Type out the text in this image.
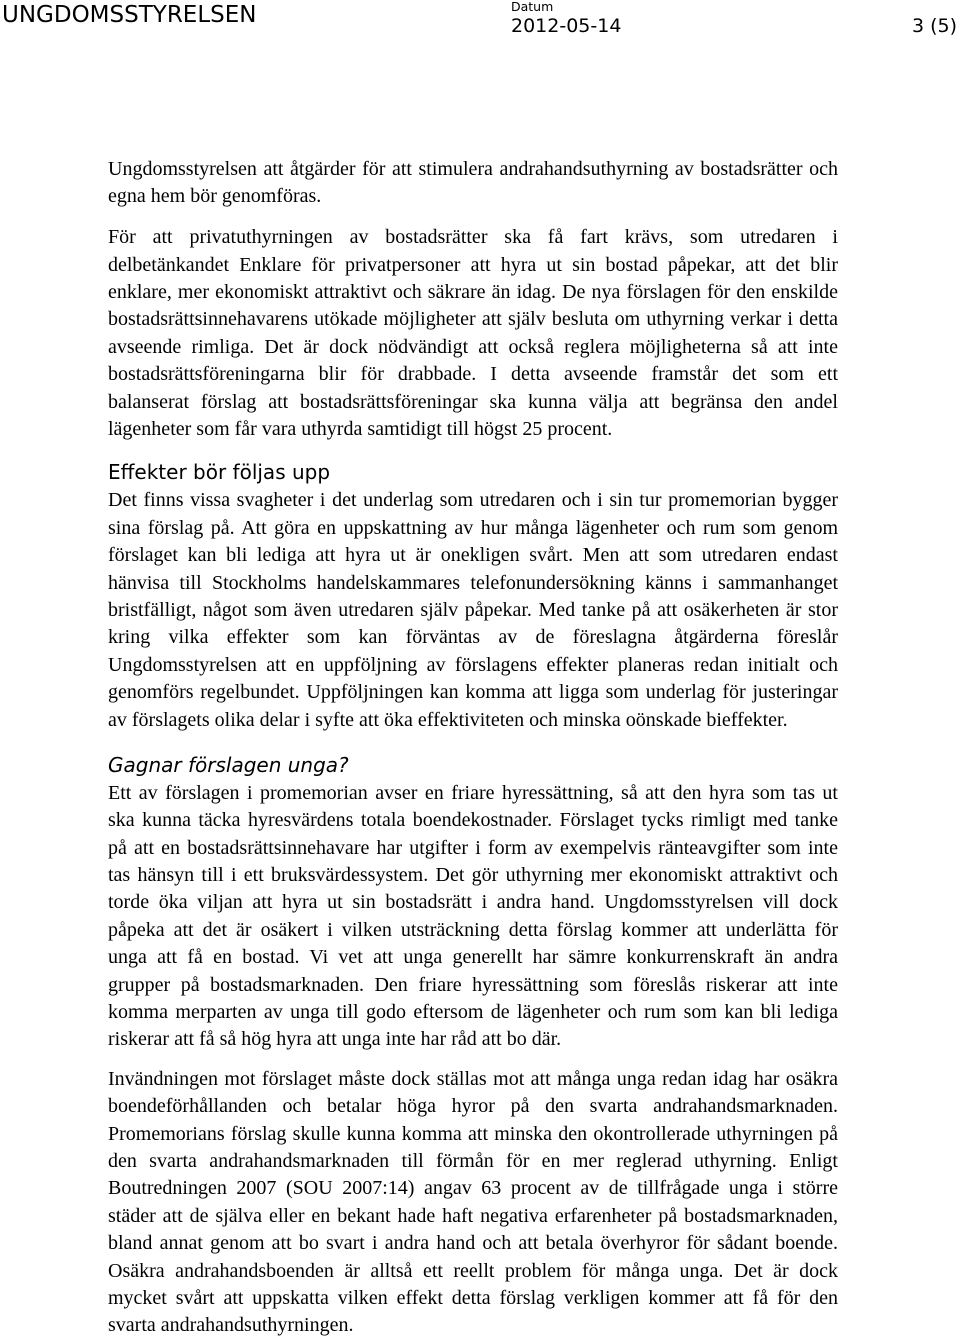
UNGDOMSSTYRELSEN	Datum
2012-05-14	3 (5)
Ungdomsstyrelsen att åtgärder för att stimulera andrahandsuthyrning av bostadsrätter och
egna hem bör genomföras.
För att privatuthyrningen av bostadsrätter ska få fart krävs, som utredaren i
delbetänkandet Enklare för privatpersoner att hyra ut sin bostad påpekar, att det blir
enklare, mer ekonomiskt attraktivt och säkrare än idag. De nya förslagen för den enskilde
bostadsrättsinnehavarens utökade möjligheter att själv besluta om uthyrning verkar i detta
avseende rimliga. Det är dock nödvändigt att också reglera möjligheterna så att inte
bostadsrättsföreningarna blir för drabbade. I detta avseende framstår det som ett
balanserat förslag att bostadsrättsföreningar ska kunna välja att begränsa den andel
lägenheter som får vara uthyrda samtidigt till högst 25 procent.
Effekter bör följas upp
Det finns vissa svagheter i det underlag som utredaren och i sin tur promemorian bygger
sina förslag på. Att göra en uppskattning av hur många lägenheter och rum som genom
förslaget kan bli lediga att hyra ut är onekligen svårt. Men att som utredaren endast
hänvisa till Stockholms handelskammares telefonundersökning känns i sammanhanget
bristfälligt, något som även utredaren själv påpekar. Med tanke på att osäkerheten är stor
kring vilka effekter som kan förväntas av de föreslagna åtgärderna föreslår
Ungdomsstyrelsen att en uppföljning av förslagens effekter planeras redan initialt och
genomförs regelbundet. Uppföljningen kan komma att ligga som underlag för justeringar
av förslagets olika delar i syfte att öka effektiviteten och minska oönskade bieffekter.
Gagnar förslagen unga?
Ett av förslagen i promemorian avser en friare hyressättning, så att den hyra som tas ut
ska kunna täcka hyresvärdens totala boendekostnader. Förslaget tycks rimligt med tanke
på att en bostadsrättsinnehavare har utgifter i form av exempelvis ränteavgifter som inte
tas hänsyn till i ett bruksvärdessystem. Det gör uthyrning mer ekonomiskt attraktivt och
torde öka viljan att hyra ut sin bostadsrätt i andra hand. Ungdomsstyrelsen vill dock
påpeka att det är osäkert i vilken utsträckning detta förslag kommer att underlätta för
unga att få en bostad. Vi vet att unga generellt har sämre konkurrenskraft än andra
grupper på bostadsmarknaden. Den friare hyressättning som föreslås riskerar att inte
komma merparten av unga till godo eftersom de lägenheter och rum som kan bli lediga
riskerar att få så hög hyra att unga inte har råd att bo där.
Invändningen mot förslaget måste dock ställas mot att många unga redan idag har osäkra
boendeförhållanden och betalar höga hyror på den svarta andrahandsmarknaden.
Promemorians förslag skulle kunna komma att minska den okontrollerade uthyrningen på
den svarta andrahandsmarknaden till förmån för en mer reglerad uthyrning. Enligt
Boutredningen 2007 (SOU 2007:14) angav 63 procent av de tillfrågade unga i större
städer att de själva eller en bekant hade haft negativa erfarenheter på bostadsmarknaden,
bland annat genom att bo svart i andra hand och att betala överhyror för sådant boende.
Osäkra andrahandsboenden är alltså ett reellt problem för många unga. Det är dock
mycket svårt att uppskatta vilken effekt detta förslag verkligen kommer att få för den
svarta andrahandsuthyrningen.
